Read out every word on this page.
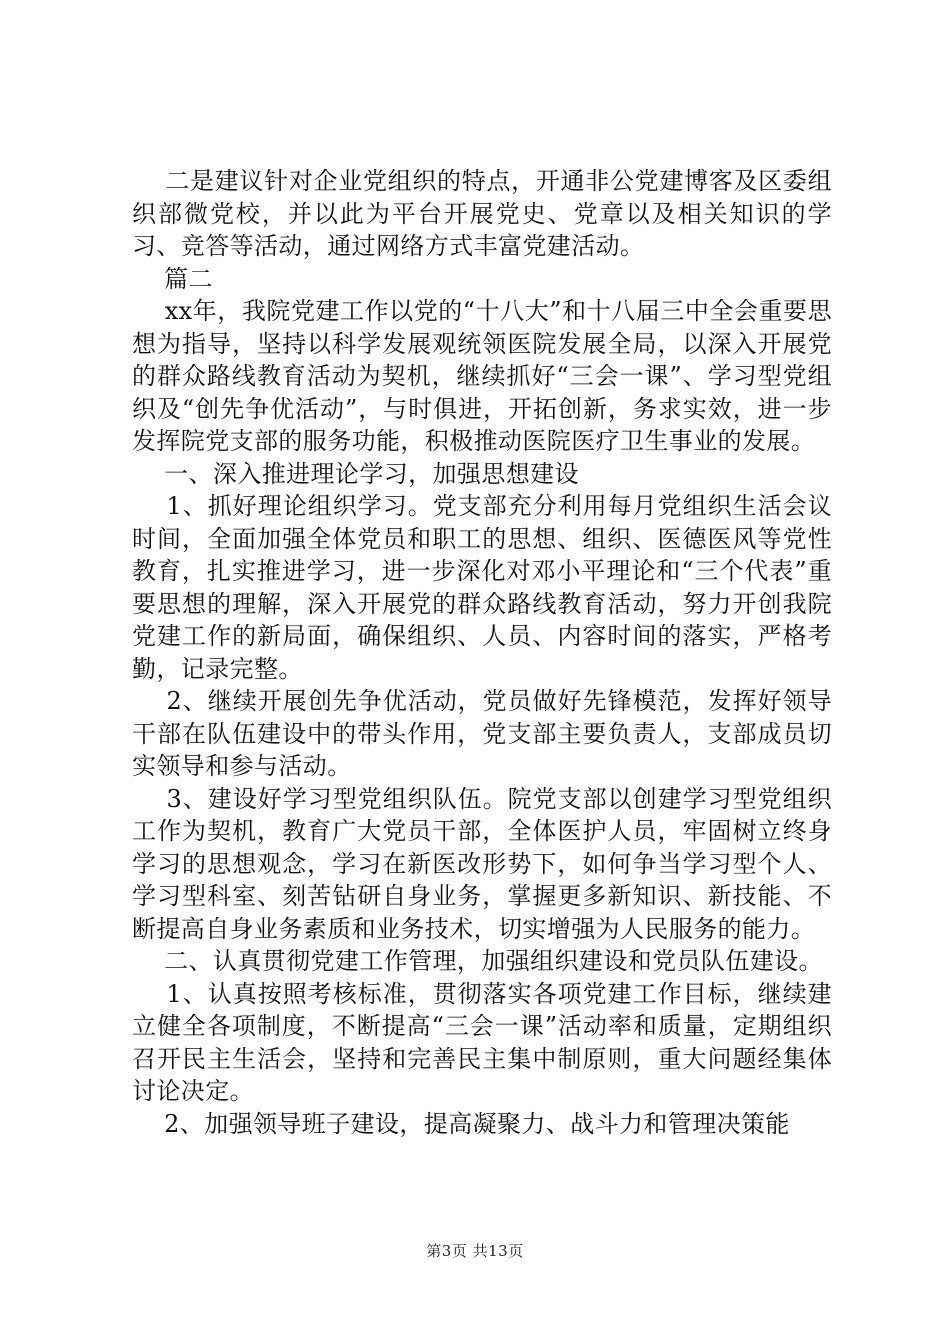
二是建议针对企业党组织的特点，开通非公党建博客及区委组织部微党校，并以此为平台开展党史、党章以及相关知识的学习、竞答等活动，通过网络方式丰富党建活动。

篇二

xx年，我院党建工作以党的“十八大”和十八届三中全会重要思想为指导，坚持以科学发展观统领医院发展全局，以深入开展党的群众路线教育活动为契机，继续抓好“三会一课”、学习型党组织及“创先争优活动”，与时俱进，开拓创新，务求实效，进一步发挥院党支部的服务功能，积极推动医院医疗卫生事业的发展。

一、深入推进理论学习，加强思想建设

1、抓好理论组织学习。党支部充分利用每月党组织生活会议时间，全面加强全体党员和职工的思想、组织、医德医风等党性教育，扎实推进学习，进一步深化对邓小平理论和“三个代表”重要思想的理解，深入开展党的群众路线教育活动，努力开创我院党建工作的新局面，确保组织、人员、内容时间的落实，严格考勤，记录完整。

2、继续开展创先争优活动，党员做好先锋模范，发挥好领导干部在队伍建设中的带头作用，党支部主要负责人，支部成员切实领导和参与活动。

3、建设好学习型党组织队伍。院党支部以创建学习型党组织工作为契机，教育广大党员干部，全体医护人员，牢固树立终身学习的思想观念，学习在新医改形势下，如何争当学习型个人、学习型科室、刻苦钻研自身业务，掌握更多新知识、新技能、不断提高自身业务素质和业务技术，切实增强为人民服务的能力。

二、认真贯彻党建工作管理，加强组织建设和党员队伍建设。

1、认真按照考核标准，贯彻落实各项党建工作目标，继续建立健全各项制度，不断提高“三会一课”活动率和质量，定期组织召开民主生活会，坚持和完善民主集中制原则，重大问题经集体讨论决定。

2、加强领导班子建设，提高凝聚力、战斗力和管理决策能

第3页 共13页
